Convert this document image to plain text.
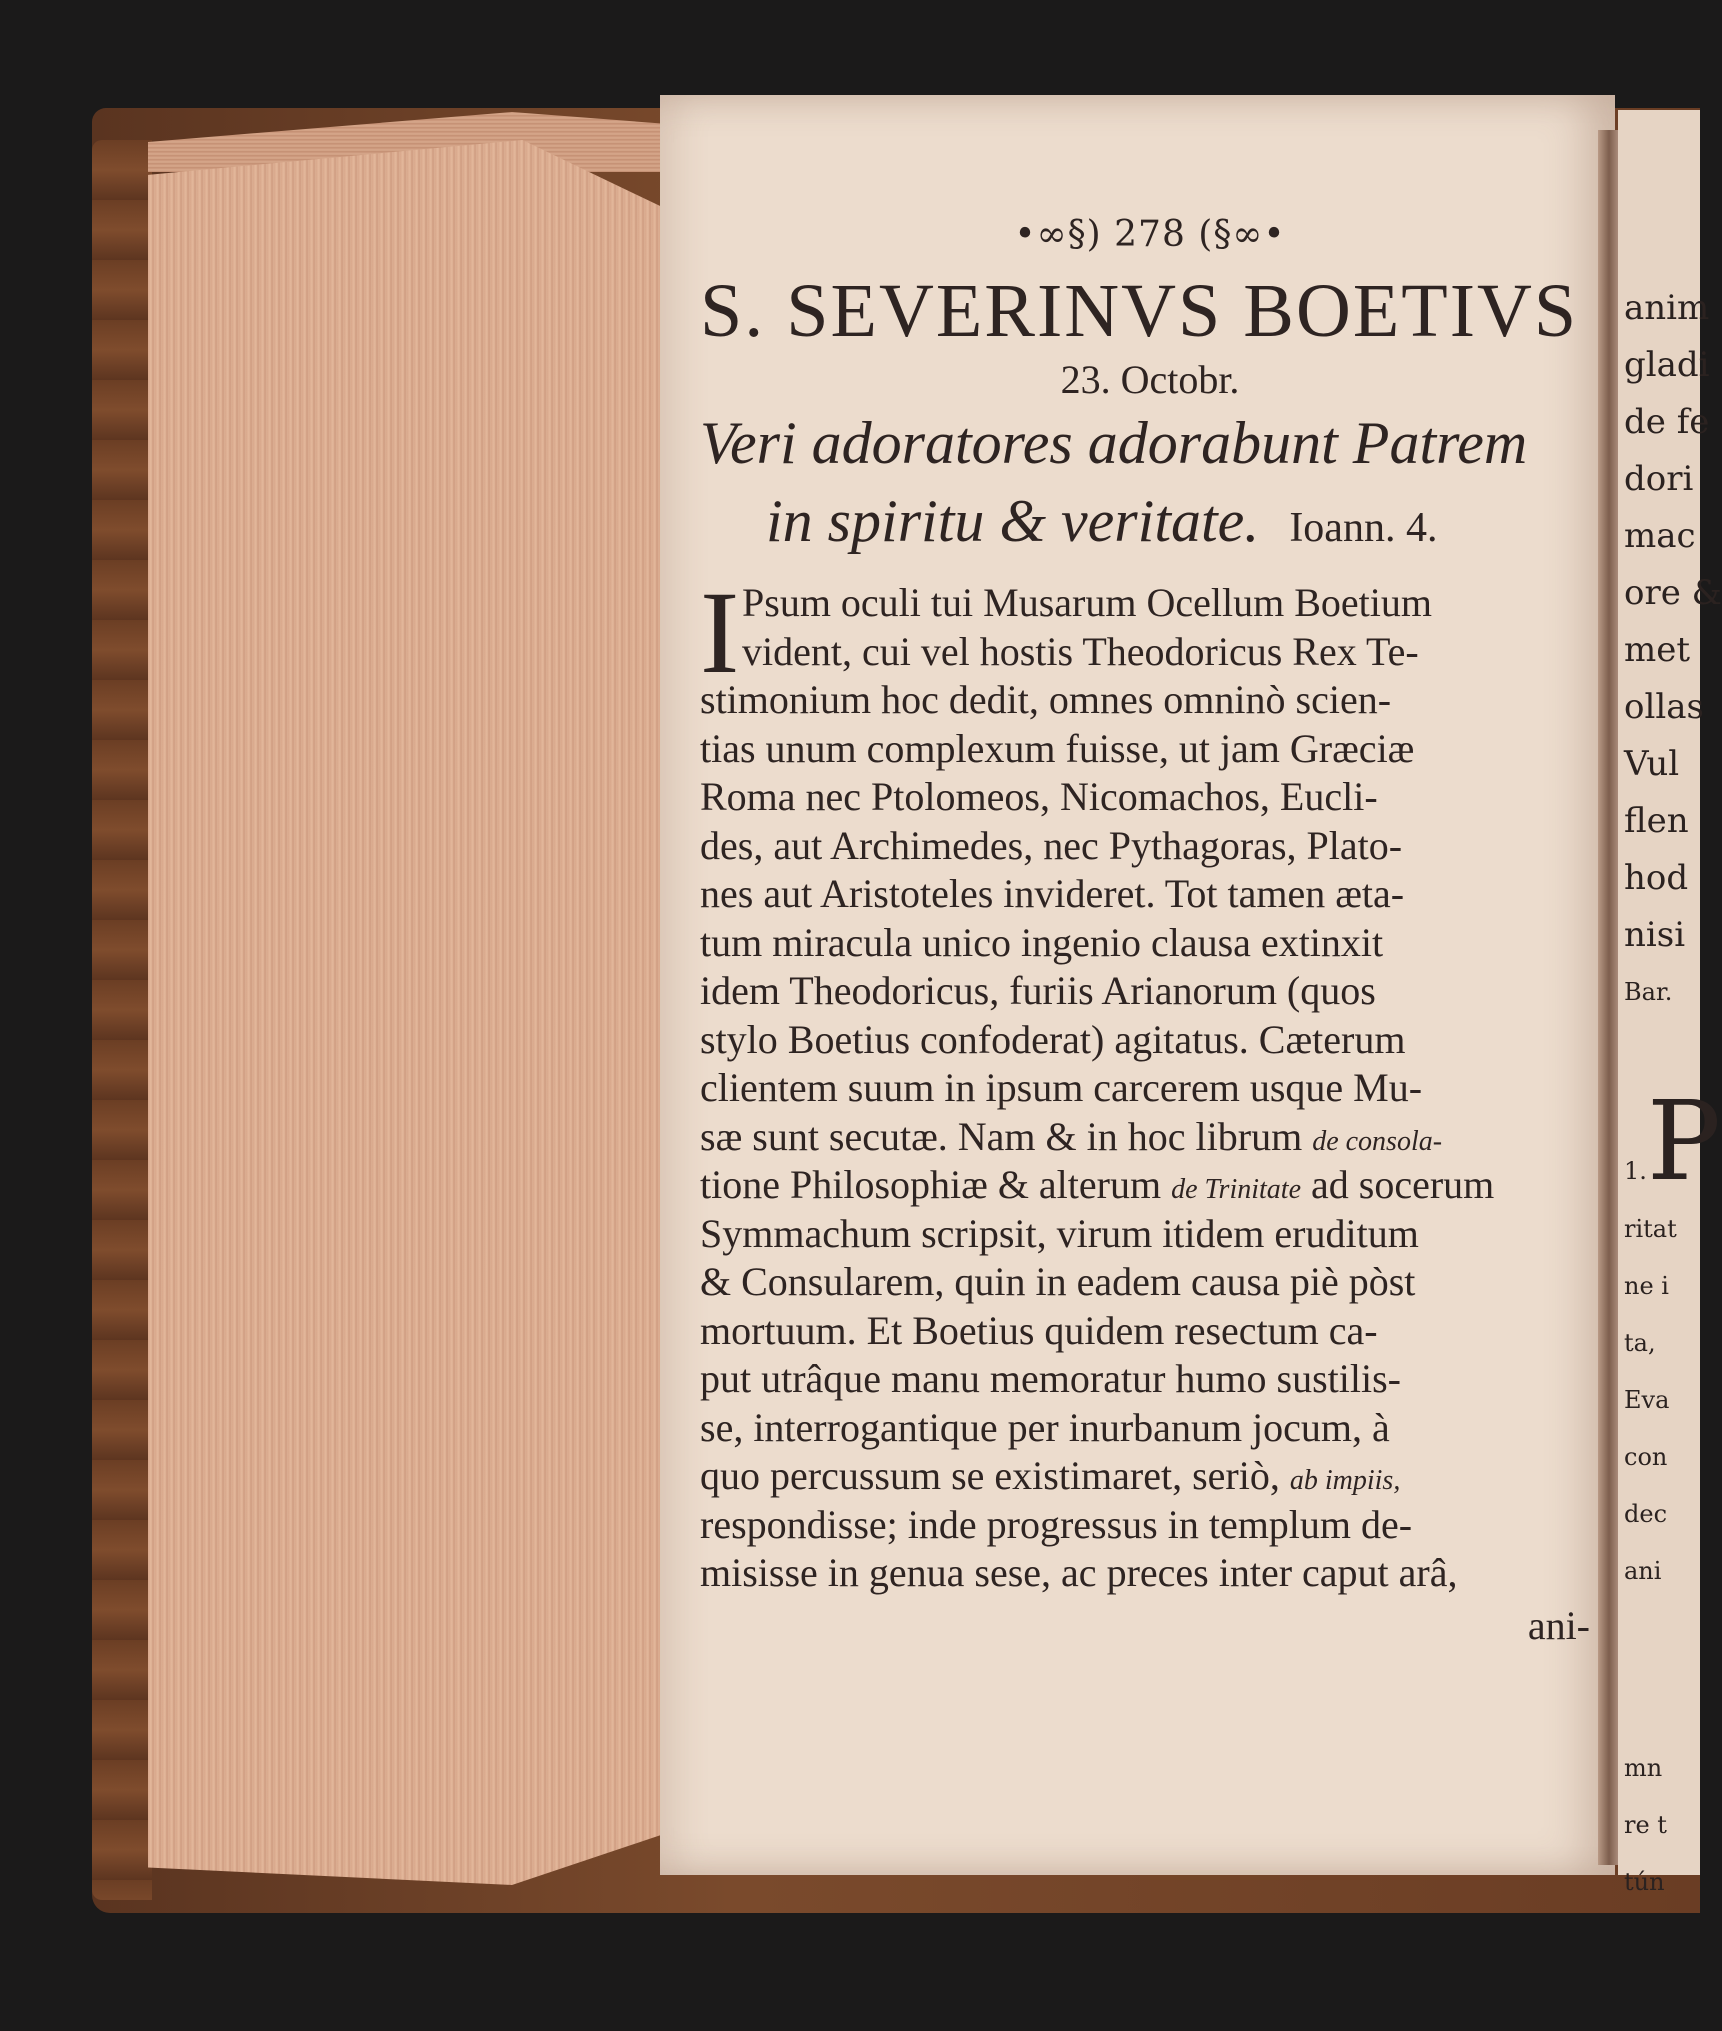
anim
gladi
de fe
dori
mac
ore &
met
ollas
Vul
flen
hod
nisi
Bar.
1.P
ritat
ne i
ta,
Eva
con
dec
ani
mn
re t
tún
•∞§) 278 (§∞•
S. SEVERINVS BOETIVS
23. Octobr.
Veri adoratores adorabunt Patrem
in spiritu & veritate. Ioann. 4.
I Psum oculi tui Musarum Ocellum Boetium
vident, cui vel hostis Theodoricus Rex Te-
stimonium hoc dedit, omnes omninò scien-
tias unum complexum fuisse, ut jam Græciæ
Roma nec Ptolomeos, Nicomachos, Eucli-
des, aut Archimedes, nec Pythagoras, Plato-
nes aut Aristoteles invideret. Tot tamen æta-
tum miracula unico ingenio clausa extinxit
idem Theodoricus, furiis Arianorum (quos
stylo Boetius confoderat) agitatus. Cæterum
clientem suum in ipsum carcerem usque Mu-
sæ sunt secutæ. Nam & in hoc librum de consola-
tione Philosophiæ & alterum de Trinitate ad socerum
Symmachum scripsit, virum itidem eruditum
& Consularem, quin in eadem causa piè pòst
mortuum. Et Boetius quidem resectum ca-
put utrâque manu memoratur humo sustilis-
se, interrogantique per inurbanum jocum, à
quo percussum se existimaret, seriò, ab impiis,
respondisse; inde progressus in templum de-
misisse in genua sese, ac preces inter caput arâ,
ani-
